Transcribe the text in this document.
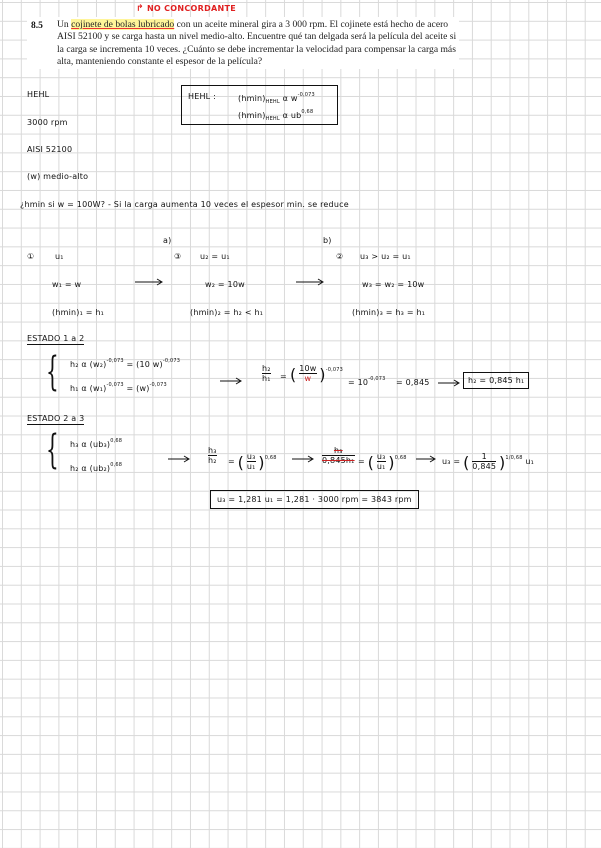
↱ NO CONCORDANTE
8.5 Un cojinete de bolas lubricado con un aceite mineral gira a 3 000 rpm. El cojinete está hecho de acero AISI 52100 y se carga hasta un nivel medio-alto. Encuentre qué tan delgada será la película del aceite si la carga se incrementa 10 veces. ¿Cuánto se debe incrementar la velocidad para compensar la carga más alta, manteniendo constante el espesor de la película?
HEHL
3000 rpm
AISI 52100
(w) medio-alto
¿hmin si w = 100W? - Si la carga aumenta 10 veces el espesor min. se reduce
HEHL :	$(hmin)_{HEHL}$ α $w^{-0,073}$
$(hmin)_{HEHL}$ α ub$^{0,68}$
a)	b)
①	u₁
w₁ = w
(hmin)₁ = h₁
③ u₂ = u₁
w₂ = 10w
(hmin)₂ = h₂ < h₁
② u₃ > u₂ = u₁
w₃ = w₂ = 10w
(hmin)₃ = h₃ = h₁
ESTADO 1 a 2
{ h₂ α $(w_2)^{-0,073} = (10$ w)$^{-0,073}$
h₁ α $(w_1)^{-0,073} = (w)^{-0,073}$
h₂
h₁ = ( $\frac{10w}{w} )^{-0,073}$
= $10^{-0,073} = 0,845$	h₂ = 0,845 h₁
ESTADO 2 a 3
{ h₃ α $(ub_3)^{0,68}$
h₂ α $(ub_2)^{0,68}$
h₃
h₂ = ( $\frac{\text{u₃}}{\text{u₁}} )^{0,68}$
h₃
0,845h₁ = ( $\frac{\text{u₃}}{\text{u₁}} )^{0,68}$	u₃ = ( $\frac{1}{0,845} )^{1/0,68}$ u₁
u₃ = 1,281 u₁ = 1,281 · 3000 rpm = 3843 rpm
